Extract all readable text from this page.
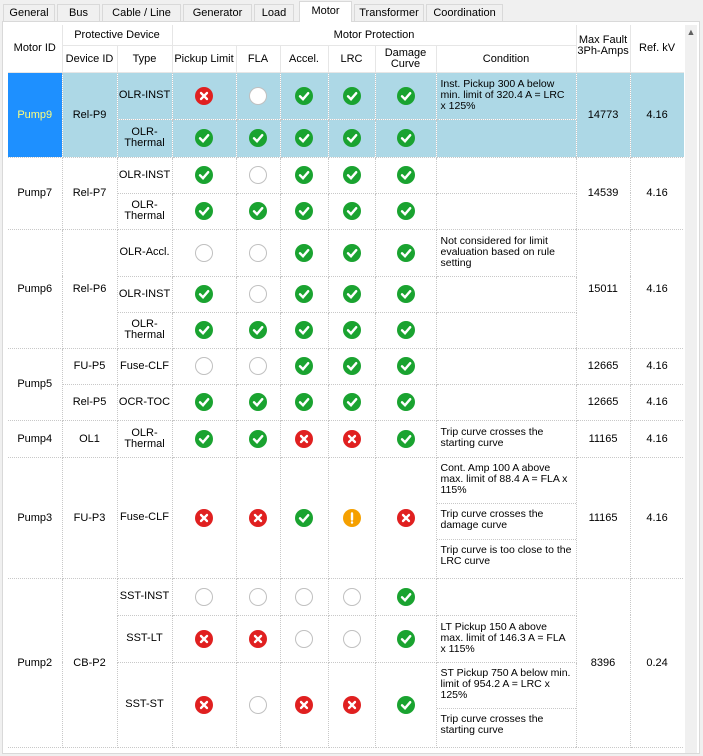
General	Bus	Cable / Line	Generator	Load	Motor	Transformer	Coordination
Motor ID	Protective Device		Motor Protection						Max Fault 3Ph-Amps	Ref. kV
	Device ID	Type	Pickup Limit	FLA	Accel.	LRC	Damage Curve	Condition		
Pump9	Rel-P9	OLR-INST						Inst. Pickup 300 A below min. limit of 320.4 A = LRC x 125%	14773	4.16
		OLR-
Thermal	

Pump7	Rel-P7	OLR-INST							14539	4.16
		OLR-
Thermal	

Pump6	Rel-P6	OLR-Accl.						Not considered for limit evaluation based on rule setting	15011	4.16
		OLR-INST	

		OLR-
Thermal	

Pump5	FU-P5	Fuse-CLF							12665	4.16
	Rel-P5	OCR-TOC							12665	4.16
Pump4	OL1	OLR-
Thermal						Trip curve crosses the starting curve	11165	4.16
Pump3	FU-P3	Fuse-CLF						Cont. Amp 100 A above max. limit of 88.4 A = FLA x 115%
Trip curve crosses the damage curve
Trip curve is too close to the LRC curve	11165	4.16
Pump2	CB-P2	SST-INST							8396	0.24
		SST-LT						LT Pickup 150 A above max. limit of 146.3 A = FLA x 115%		
		SST-ST						ST Pickup 750 A below min. limit of 954.2 A = LRC x 125%
Trip curve crosses the starting curve		
▲
